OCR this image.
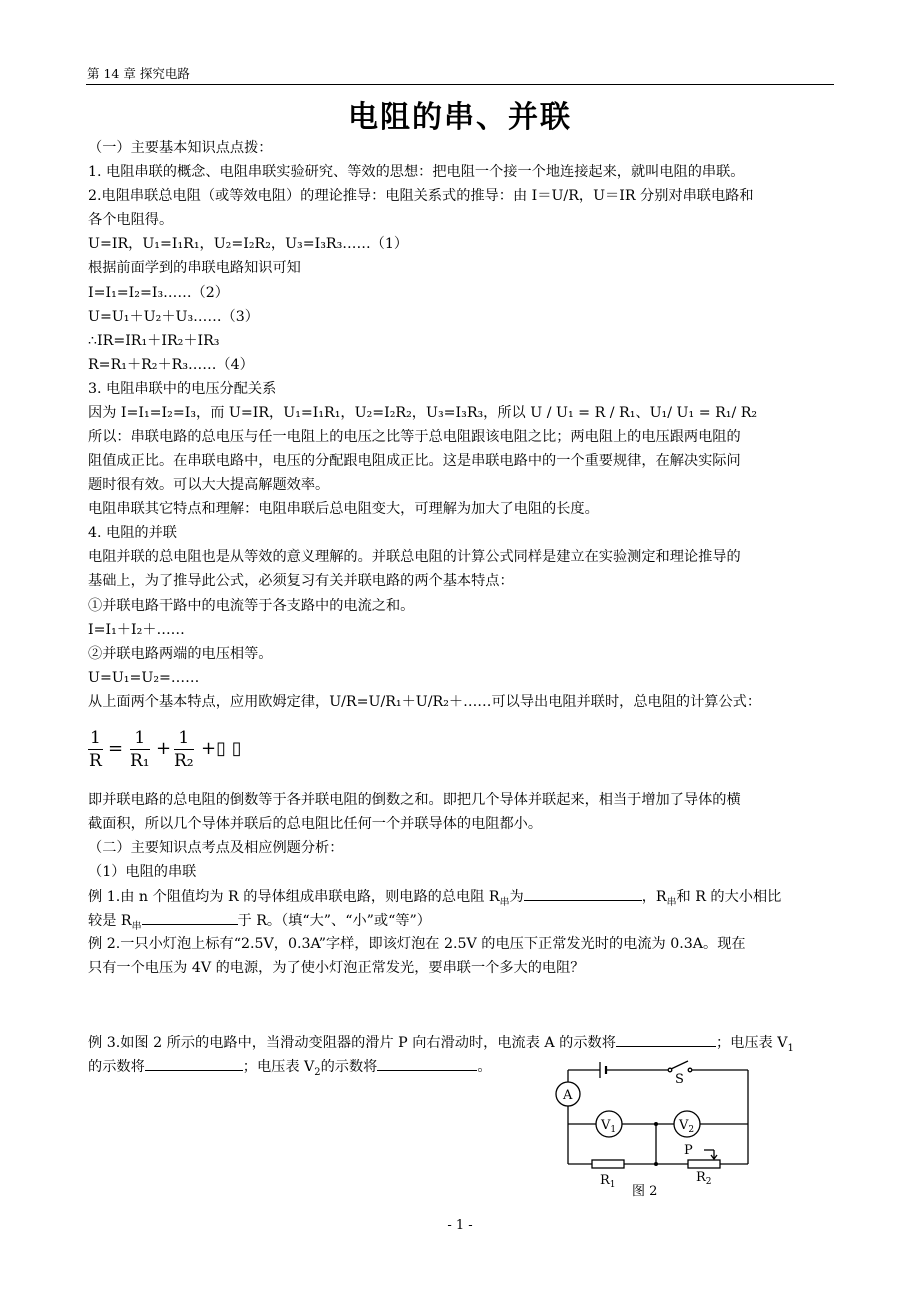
第 14 章 探究电路
电阻的串、并联
（一）主要基本知识点点拨：
1. 电阻串联的概念、电阻串联实验研究、等效的思想：把电阻一个接一个地连接起来，就叫电阻的串联。
2.电阻串联总电阻（或等效电阻）的理论推导：电阻关系式的推导：由 I＝U/R，U＝IR 分别对串联电路和
各个电阻得。
U=IR，U₁=I₁R₁，U₂=I₂R₂，U₃=I₃R₃……（1）
根据前面学到的串联电路知识可知
I=I₁=I₂=I₃……（2）
U=U₁＋U₂＋U₃……（3）
∴IR=IR₁＋IR₂＋IR₃
R=R₁＋R₂＋R₃……（4）
3. 电阻串联中的电压分配关系
因为 I=I₁=I₂=I₃，而 U=IR，U₁=I₁R₁，U₂=I₂R₂，U₃=I₃R₃，所以 U / U₁ = R / R₁、U₁/ U₁ = R₁/ R₂
所以：串联电路的总电压与任一电阻上的电压之比等于总电阻跟该电阻之比；两电阻上的电压跟两电阻的
阻值成正比。在串联电路中，电压的分配跟电阻成正比。这是串联电路中的一个重要规律，在解决实际问
题时很有效。可以大大提高解题效率。
电阻串联其它特点和理解：电阻串联后总电阻变大，可理解为加大了电阻的长度。
4. 电阻的并联
电阻并联的总电阻也是从等效的意义理解的。并联总电阻的计算公式同样是建立在实验测定和理论推导的
基础上，为了推导此公式，必须复习有关并联电路的两个基本特点：
①并联电路干路中的电流等于各支路中的电流之和。
I=I₁＋I₂＋……
②并联电路两端的电压相等。
U=U₁=U₂=……
从上面两个基本特点，应用欧姆定律，U/R=U/R₁＋U/R₂＋……可以导出电阻并联时，总电阻的计算公式：
$\frac{1}{R} = \frac{1}{\text{R₁}} + \frac{1}{\text{R₂}}$ +▯ ▯
即并联电路的总电阻的倒数等于各并联电阻的倒数之和。即把几个导体并联起来，相当于增加了导体的横
截面积，所以几个导体并联后的总电阻比任何一个并联导体的电阻都小。
（二）主要知识点考点及相应例题分析：
（1）电阻的串联
例 1.由 n 个阻值均为 R 的导体组成串联电路，则电路的总电阻 $R_串$为	，$R_串$和 R 的大小相比
较是 $R_串$	于 R。（填“大”、“小”或“等”）
例 2.一只小灯泡上标有“2.5V，0.3A”字样，即该灯泡在 2.5V 的电压下正常发光时的电流为 0.3A。现在
只有一个电压为 4V 的电源，为了使小灯泡正常发光，要串联一个多大的电阻？
例 3.如图 2 所示的电路中，当滑动变阻器的滑片 P 向右滑动时，电流表 A 的示数将	；电压表 $V_1$
的示数将	；电压表 $V_2$的示数将	。
A
S
$V_1$	$V_2$
P
$R_1$	$R_2$
图 2
- 1 -
